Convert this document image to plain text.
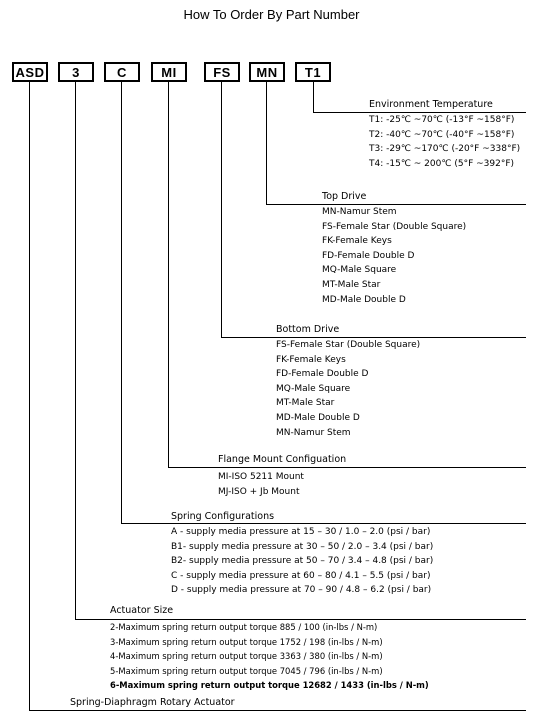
How To Order By Part Number
ASD	3	C	MI	FS	MN	T1
Environment Temperature
T1: -25℃ ~70℃ (-13°F ~158°F)
T2: -40℃ ~70℃ (-40°F ~158°F)
T3: -29℃ ~170℃ (-20°F ~338°F)
T4: -15℃ ~ 200℃ (5°F ~392°F)
Top Drive
MN-Namur Stem
FS-Female Star (Double Square)
FK-Female Keys
FD-Female Double D
MQ-Male Square
MT-Male Star
MD-Male Double D
Bottom Drive
FS-Female Star (Double Square)
FK-Female Keys
FD-Female Double D
MQ-Male Square
MT-Male Star
MD-Male Double D
MN-Namur Stem
Flange Mount Configuation
MI-ISO 5211 Mount
MJ-ISO + Jb Mount
Spring Configurations
A - supply media pressure at 15 – 30 / 1.0 – 2.0 (psi / bar)
B1- supply media pressure at 30 – 50 / 2.0 – 3.4 (psi / bar)
B2- supply media pressure at 50 – 70 / 3.4 – 4.8 (psi / bar)
C - supply media pressure at 60 – 80 / 4.1 – 5.5 (psi / bar)
D - supply media pressure at 70 – 90 / 4.8 – 6.2 (psi / bar)
Actuator Size
2-Maximum spring return output torque 885 / 100 (in-lbs / N-m)
3-Maximum spring return output torque 1752 / 198 (in-lbs / N-m)
4-Maximum spring return output torque 3363 / 380 (in-lbs / N-m)
5-Maximum spring return output torque 7045 / 796 (in-lbs / N-m)
6-Maximum spring return output torque 12682 / 1433 (in-lbs / N-m)
Spring-Diaphragm Rotary Actuator
